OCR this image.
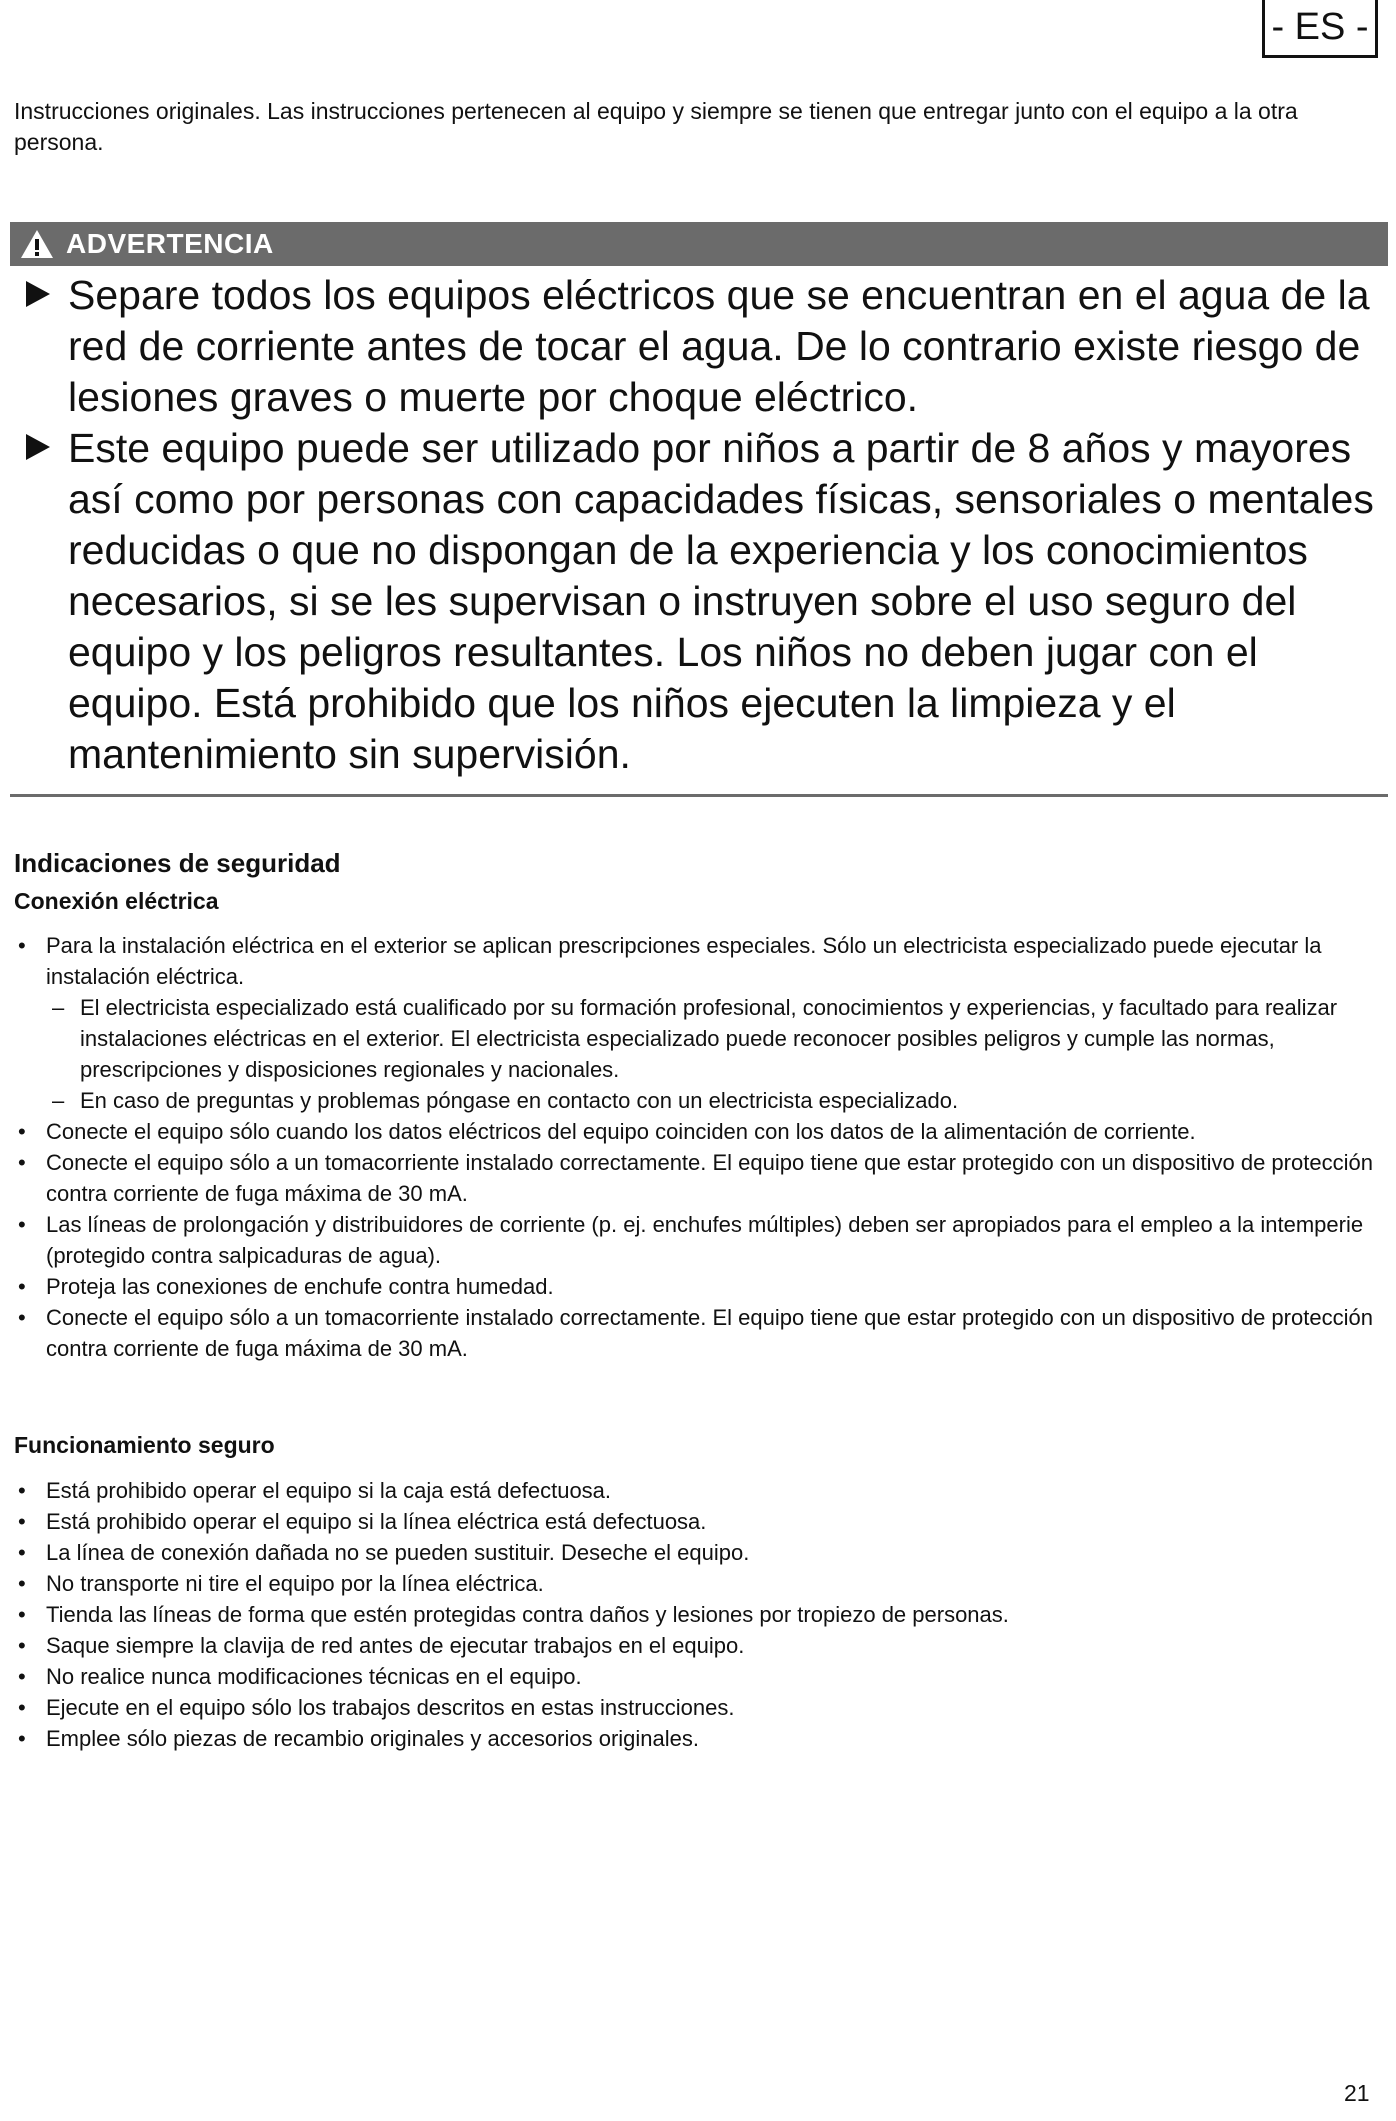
- ES -

Instrucciones originales. Las instrucciones pertenecen al equipo y siempre se tienen que entregar junto con el equipo a la otra persona.

ADVERTENCIA
Separe todos los equipos eléctricos que se encuentran en el agua de la red de corriente antes de tocar el agua. De lo contrario existe riesgo de lesiones graves o muerte por choque eléctrico.
Este equipo puede ser utilizado por niños a partir de 8 años y mayores así como por personas con capacidades físicas, sensoriales o mentales reducidas o que no dispongan de la experiencia y los conocimientos necesarios, si se les supervisan o instruyen sobre el uso seguro del equipo y los peligros resultantes. Los niños no deben jugar con el equipo. Está prohibido que los niños ejecuten la limpieza y el mantenimiento sin supervisión.
Indicaciones de seguridad
Conexión eléctrica
• Para la instalación eléctrica en el exterior se aplican prescripciones especiales. Sólo un electricista especializado puede ejecutar la instalación eléctrica.
– El electricista especializado está cualificado por su formación profesional, conocimientos y experiencias, y facultado para realizar instalaciones eléctricas en el exterior. El electricista especializado puede reconocer posibles peligros y cumple las normas, prescripciones y disposiciones regionales y nacionales.
– En caso de preguntas y problemas póngase en contacto con un electricista especializado.
• Conecte el equipo sólo cuando los datos eléctricos del equipo coinciden con los datos de la alimentación de corriente.
• Conecte el equipo sólo a un tomacorriente instalado correctamente. El equipo tiene que estar protegido con un dispositivo de protección contra corriente de fuga máxima de 30 mA.
• Las líneas de prolongación y distribuidores de corriente (p. ej. enchufes múltiples) deben ser apropiados para el empleo a la intemperie (protegido contra salpicaduras de agua).
• Proteja las conexiones de enchufe contra humedad.
• Conecte el equipo sólo a un tomacorriente instalado correctamente. El equipo tiene que estar protegido con un dispositivo de protección contra corriente de fuga máxima de 30 mA.
Funcionamiento seguro
• Está prohibido operar el equipo si la caja está defectuosa.
• Está prohibido operar el equipo si la línea eléctrica está defectuosa.
• La línea de conexión dañada no se pueden sustituir. Deseche el equipo.
• No transporte ni tire el equipo por la línea eléctrica.
• Tienda las líneas de forma que estén protegidas contra daños y lesiones por tropiezo de personas.
• Saque siempre la clavija de red antes de ejecutar trabajos en el equipo.
• No realice nunca modificaciones técnicas en el equipo.
• Ejecute en el equipo sólo los trabajos descritos en estas instrucciones.
• Emplee sólo piezas de recambio originales y accesorios originales.
21
